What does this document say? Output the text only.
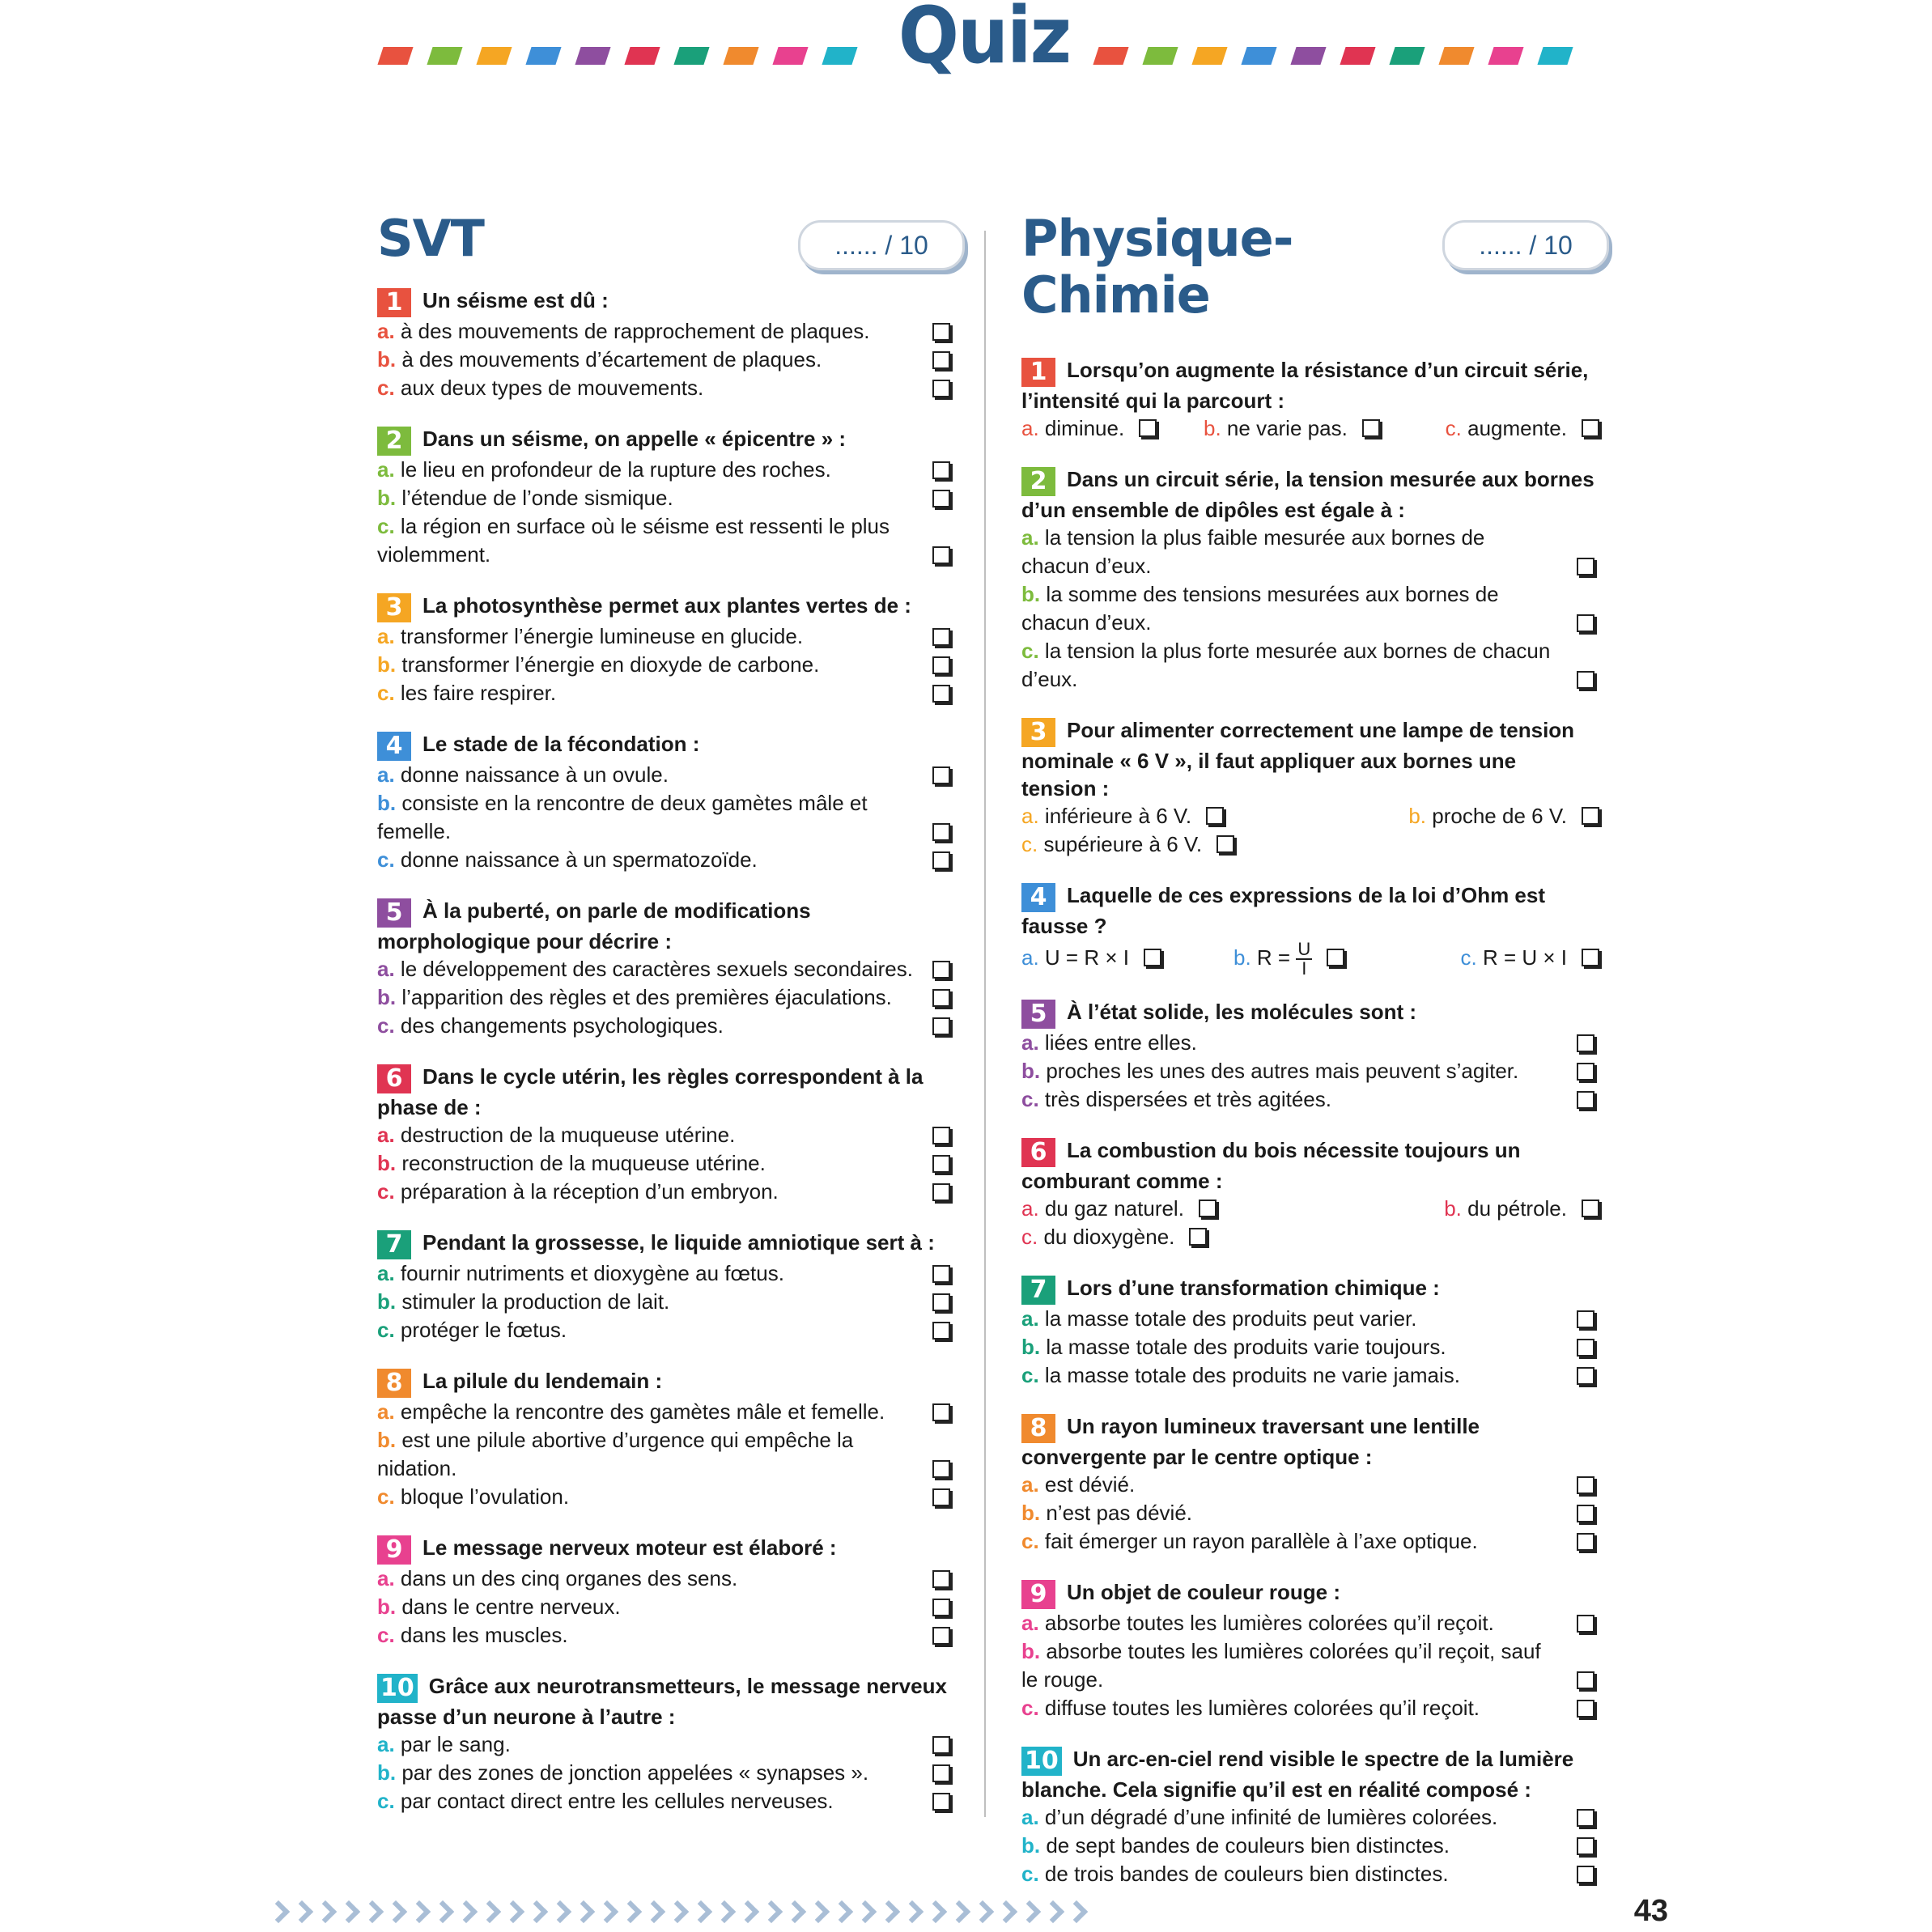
Quiz
SVT	...... / 10
1 Un séisme est dû :
a. à des mouvements de rapprochement de plaques.
b. à des mouvements d’écartement de plaques.
c. aux deux types de mouvements.
2 Dans un séisme, on appelle « épicentre » :
a. le lieu en profondeur de la rupture des roches.
b. l’étendue de l’onde sismique.
c. la région en surface où le séisme est ressenti le plus violemment.
3 La photosynthèse permet aux plantes vertes de :
a. transformer l’énergie lumineuse en glucide.
b. transformer l’énergie en dioxyde de carbone.
c. les faire respirer.
4 Le stade de la fécondation :
a. donne naissance à un ovule.
b. consiste en la rencontre de deux gamètes mâle et femelle.
c. donne naissance à un spermatozoïde.
5 À la puberté, on parle de modifications morphologique pour décrire :
a. le développement des caractères sexuels secondaires.
b. l’apparition des règles et des premières éjaculations.
c. des changements psychologiques.
6 Dans le cycle utérin, les règles correspondent à la phase de :
a. destruction de la muqueuse utérine.
b. reconstruction de la muqueuse utérine.
c. préparation à la réception d’un embryon.
7 Pendant la grossesse, le liquide amniotique sert à :
a. fournir nutriments et dioxygène au fœtus.
b. stimuler la production de lait.
c. protéger le fœtus.
8 La pilule du lendemain :
a. empêche la rencontre des gamètes mâle et femelle.
b. est une pilule abortive d’urgence qui empêche la nidation.
c. bloque l’ovulation.
9 Le message nerveux moteur est élaboré :
a. dans un des cinq organes des sens.
b. dans le centre nerveux.
c. dans les muscles.
10 Grâce aux neurotransmetteurs, le message nerveux passe d’un neurone à l’autre :
a. par le sang.
b. par des zones de jonction appelées « synapses ».
c. par contact direct entre les cellules nerveuses.
Physique-Chimie
...... / 10
1 Lorsqu’on augmente la résistance d’un circuit série, l’intensité qui la parcourt :
a. diminue.	b. ne varie pas.	c. augmente.
2 Dans un circuit série, la tension mesurée aux bornes d’un ensemble de dipôles est égale à :
a. la tension la plus faible mesurée aux bornes de chacun d’eux.
b. la somme des tensions mesurées aux bornes de chacun d’eux.
c. la tension la plus forte mesurée aux bornes de chacun d’eux.
3 Pour alimenter correctement une lampe de tension nominale « 6 V », il faut appliquer aux bornes une tension :
a. inférieure à 6 V.	b. proche de 6 V.
c. supérieure à 6 V.
4 Laquelle de ces expressions de la loi d’Ohm est fausse ?
a. U = R × I	b. $R = \frac{U}{I}$	c. R = U × I
5 À l’état solide, les molécules sont :
a. liées entre elles.
b. proches les unes des autres mais peuvent s’agiter.
c. très dispersées et très agitées.
6 La combustion du bois nécessite toujours un comburant comme :
a. du gaz naturel.	b. du pétrole.
c. du dioxygène.
7 Lors d’une transformation chimique :
a. la masse totale des produits peut varier.
b. la masse totale des produits varie toujours.
c. la masse totale des produits ne varie jamais.
8 Un rayon lumineux traversant une lentille convergente par le centre optique :
a. est dévié.
b. n’est pas dévié.
c. fait émerger un rayon parallèle à l’axe optique.
9 Un objet de couleur rouge :
a. absorbe toutes les lumières colorées qu’il reçoit.
b. absorbe toutes les lumières colorées qu’il reçoit, sauf le rouge.
c. diffuse toutes les lumières colorées qu’il reçoit.
10 Un arc-en-ciel rend visible le spectre de la lumière blanche. Cela signifie qu’il est en réalité composé :
a. d’un dégradé d’une infinité de lumières colorées.
b. de sept bandes de couleurs bien distinctes.
c. de trois bandes de couleurs bien distinctes.
43
